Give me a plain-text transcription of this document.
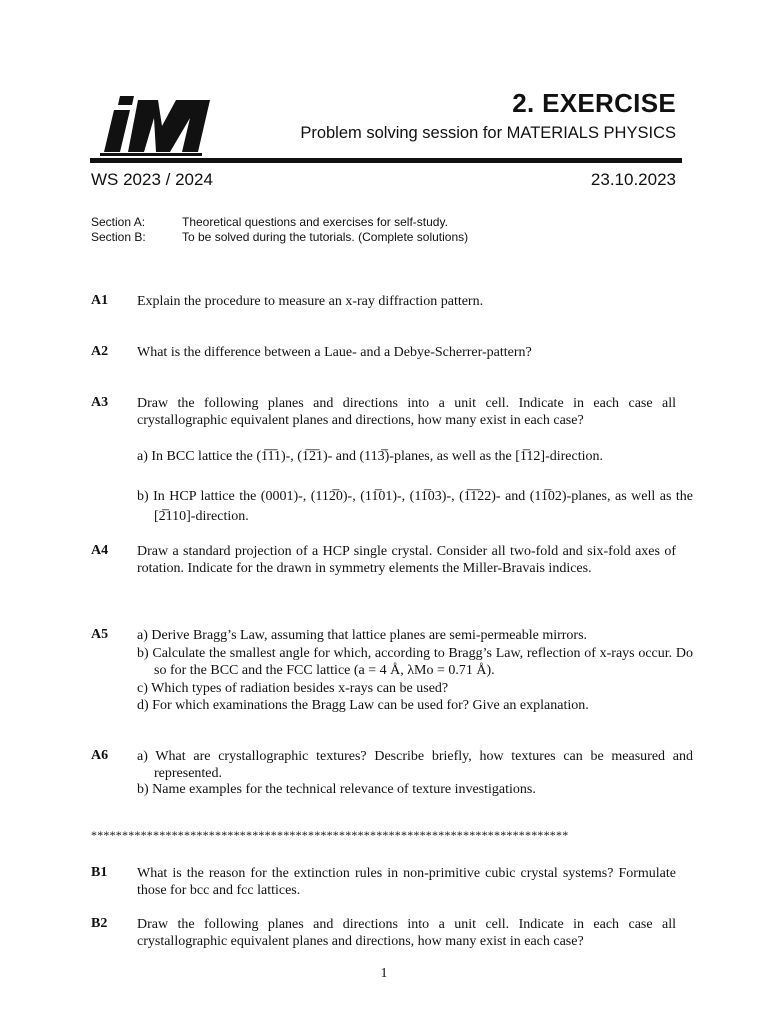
2. EXERCISE
Problem solving session for MATERIALS PHYSICS
WS 2023 / 2024	23.10.2023
Section A:	Theoretical questions and exercises for self-study.
Section B:	To be solved during the tutorials. (Complete solutions)
A1 Explain the procedure to measure an x-ray diffraction pattern.
A2 What is the difference between a Laue- and a Debye-Scherrer-pattern?
A3 Draw the following planes and directions into a unit cell. Indicate in each case all crystallographic equivalent planes and directions, how many exist in each case?
a) In BCC lattice the (1̅1̅1)-, (1̅2̅1)- and (113̅)-planes, as well as the [1̅12]-direction.
b) In HCP lattice the (0001)-, (112̅0)-, (11̅01)-, (11̅03)-, (1̅1̅22)- and (11̅02)-planes, as well as the [2̅110]-direction.
A4 Draw a standard projection of a HCP single crystal. Consider all two-fold and six-fold axes of rotation. Indicate for the drawn in symmetry elements the Miller-Bravais indices.
A5 a) Derive Bragg’s Law, assuming that lattice planes are semi-permeable mirrors.
b) Calculate the smallest angle for which, according to Bragg’s Law, reflection of x-rays occur. Do so for the BCC and the FCC lattice (a = 4 Å, λMo = 0.71 Å).
c) Which types of radiation besides x-rays can be used?
d) For which examinations the Bragg Law can be used for? Give an explanation.
A6 a) What are crystallographic textures? Describe briefly, how textures can be measured and represented.
b) Name examples for the technical relevance of texture investigations.
*****************************************************************************
B1 What is the reason for the extinction rules in non-primitive cubic crystal systems? Formulate those for bcc and fcc lattices.
B2 Draw the following planes and directions into a unit cell. Indicate in each case all crystallographic equivalent planes and directions, how many exist in each case?
1
